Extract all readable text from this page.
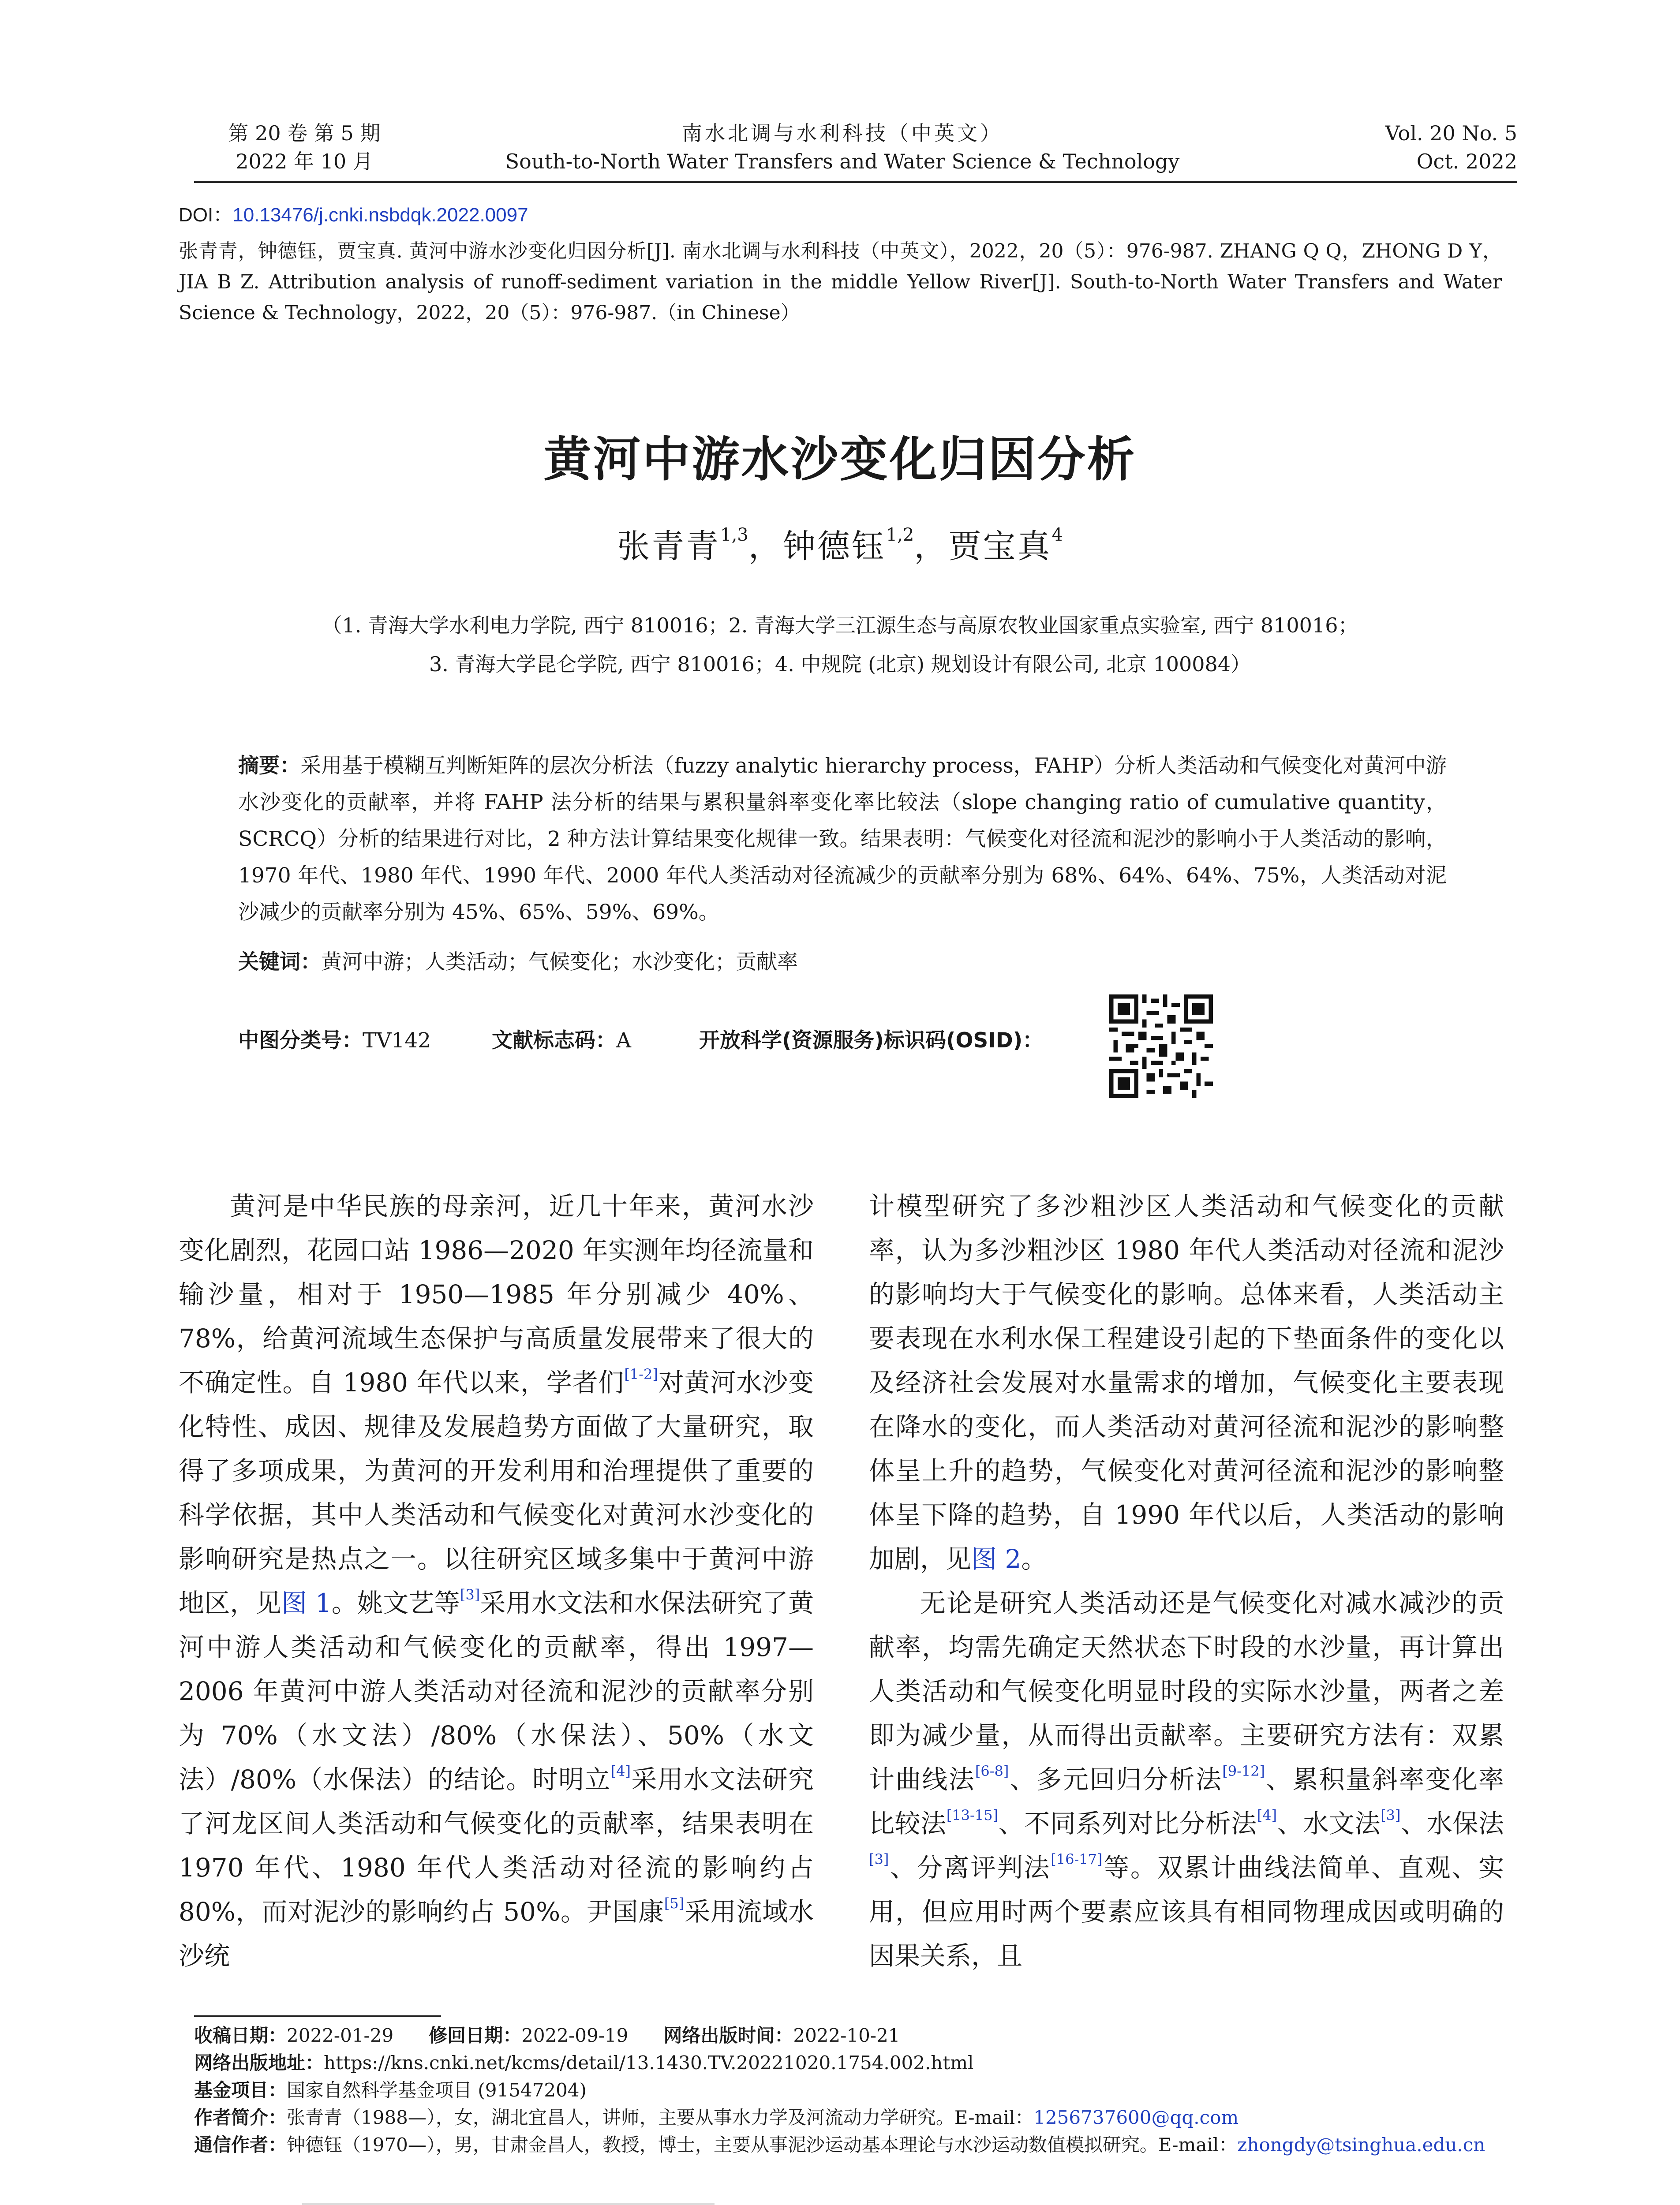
第 20 卷 第 5 期
2022 年 10 月
南水北调与水利科技（中英文）
South-to-North Water Transfers and Water Science & Technology
Vol. 20 No. 5
Oct. 2022
DOI：10.13476/j.cnki.nsbdqk.2022.0097
张青青，钟德钰，贾宝真. 黄河中游水沙变化归因分析[J]. 南水北调与水利科技（中英文），2022，20（5）：976-987. ZHANG Q Q，ZHONG D Y，JIA B Z. Attribution analysis of runoff-sediment variation in the middle Yellow River[J]. South-to-North Water Transfers and Water Science & Technology，2022，20（5）：976-987.（in Chinese）
黄河中游水沙变化归因分析
张青青$^{1,3}$，钟德钰$^{1,2}$，贾宝真$^4$
（1. 青海大学水利电力学院, 西宁 810016；2. 青海大学三江源生态与高原农牧业国家重点实验室, 西宁 810016；
3. 青海大学昆仑学院, 西宁 810016；4. 中规院 (北京) 规划设计有限公司, 北京 100084）
摘要：采用基于模糊互判断矩阵的层次分析法（fuzzy analytic hierarchy process，FAHP）分析人类活动和气候变化对黄河中游水沙变化的贡献率，并将 FAHP 法分析的结果与累积量斜率变化率比较法（slope changing ratio of cumulative quantity，SCRCQ）分析的结果进行对比，2 种方法计算结果变化规律一致。结果表明：气候变化对径流和泥沙的影响小于人类活动的影响，1970 年代、1980 年代、1990 年代、2000 年代人类活动对径流减少的贡献率分别为 68%、64%、64%、75%，人类活动对泥沙减少的贡献率分别为 45%、65%、59%、69%。
关键词：黄河中游；人类活动；气候变化；水沙变化；贡献率
中图分类号：TV142	文献标志码：A	开放科学(资源服务)标识码(OSID)：

黄河是中华民族的母亲河，近几十年来，黄河水沙变化剧烈，花园口站 1986—2020 年实测年均径流量和输沙量，相对于 1950—1985 年分别减少 40%、78%，给黄河流域生态保护与高质量发展带来了很大的不确定性。自 1980 年代以来，学者们[1-2]对黄河水沙变化特性、成因、规律及发展趋势方面做了大量研究，取得了多项成果，为黄河的开发利用和治理提供了重要的科学依据，其中人类活动和气候变化对黄河水沙变化的影响研究是热点之一。以往研究区域多集中于黄河中游地区，见图 1。姚文艺等[3]采用水文法和水保法研究了黄河中游人类活动和气候变化的贡献率，得出 1997—2006 年黄河中游人类活动对径流和泥沙的贡献率分别为 70%（水文法）/80%（水保法）、50%（水文法）/80%（水保法）的结论。时明立[4]采用水文法研究了河龙区间人类活动和气候变化的贡献率，结果表明在 1970 年代、1980 年代人类活动对径流的影响约占 80%，而对泥沙的影响约占 50%。尹国康[5]采用流域水沙统

计模型研究了多沙粗沙区人类活动和气候变化的贡献率，认为多沙粗沙区 1980 年代人类活动对径流和泥沙的影响均大于气候变化的影响。总体来看，人类活动主要表现在水利水保工程建设引起的下垫面条件的变化以及经济社会发展对水量需求的增加，气候变化主要表现在降水的变化，而人类活动对黄河径流和泥沙的影响整体呈上升的趋势，气候变化对黄河径流和泥沙的影响整体呈下降的趋势，自 1990 年代以后，人类活动的影响加剧，见图 2。

无论是研究人类活动还是气候变化对减水减沙的贡献率，均需先确定天然状态下时段的水沙量，再计算出人类活动和气候变化明显时段的实际水沙量，两者之差即为减少量，从而得出贡献率。主要研究方法有：双累计曲线法[6-8]、多元回归分析法[9-12]、累积量斜率变化率比较法[13-15]、不同系列对比分析法[4]、水文法[3]、水保法[3]、分离评判法[16-17]等。双累计曲线法简单、直观、实用，但应用时两个要素应该具有相同物理成因或明确的因果关系，且

收稿日期：2022-01-29 修回日期：2022-09-19 网络出版时间：2022-10-21
网络出版地址：https://kns.cnki.net/kcms/detail/13.1430.TV.20221020.1754.002.html
基金项目：国家自然科学基金项目 (91547204)
作者简介：张青青（1988—），女，湖北宜昌人，讲师，主要从事水力学及河流动力学研究。E-mail：1256737600@qq.com
通信作者：钟德钰（1970—），男，甘肃金昌人，教授，博士，主要从事泥沙运动基本理论与水沙运动数值模拟研究。E-mail：zhongdy@tsinghua.edu.cn
